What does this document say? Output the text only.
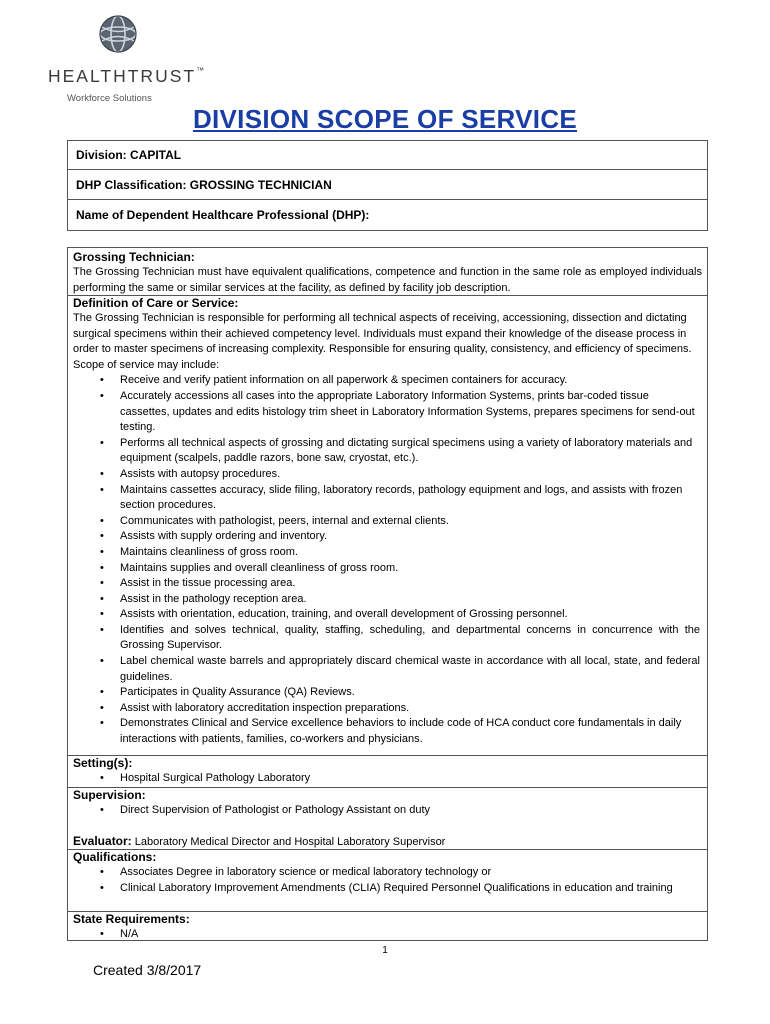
HEALTHTRUST™
Workforce Solutions
DIVISION SCOPE OF SERVICE
Division: CAPITAL
DHP Classification: GROSSING TECHNICIAN
Name of Dependent Healthcare Professional (DHP):
Grossing Technician:
The Grossing Technician must have equivalent qualifications, competence and function in the same role as employed individuals performing the same or similar services at the facility, as defined by facility job description.
Definition of Care or Service:
The Grossing Technician is responsible for performing all technical aspects of receiving, accessioning, dissection and dictating surgical specimens within their achieved competency level. Individuals must expand their knowledge of the disease process in order to master specimens of increasing complexity. Responsible for ensuring quality, consistency, and efficiency of specimens. Scope of service may include:
• Receive and verify patient information on all paperwork & specimen containers for accuracy.
• Accurately accessions all cases into the appropriate Laboratory Information Systems, prints bar-coded tissue cassettes, updates and edits histology trim sheet in Laboratory Information Systems, prepares specimens for send-out testing.
• Performs all technical aspects of grossing and dictating surgical specimens using a variety of laboratory materials and equipment (scalpels, paddle razors, bone saw, cryostat, etc.).
• Assists with autopsy procedures.
• Maintains cassettes accuracy, slide filing, laboratory records, pathology equipment and logs, and assists with frozen section procedures.
• Communicates with pathologist, peers, internal and external clients.
• Assists with supply ordering and inventory.
• Maintains cleanliness of gross room.
• Maintains supplies and overall cleanliness of gross room.
• Assist in the tissue processing area.
• Assist in the pathology reception area.
• Assists with orientation, education, training, and overall development of Grossing personnel.
• Identifies and solves technical, quality, staffing, scheduling, and departmental concerns in concurrence with the Grossing Supervisor.
• Label chemical waste barrels and appropriately discard chemical waste in accordance with all local, state, and federal guidelines.
• Participates in Quality Assurance (QA) Reviews.
• Assist with laboratory accreditation inspection preparations.
• Demonstrates Clinical and Service excellence behaviors to include code of HCA conduct core fundamentals in daily interactions with patients, families, co-workers and physicians.
Setting(s):
• Hospital Surgical Pathology Laboratory
Supervision:
• Direct Supervision of Pathologist or Pathology Assistant on duty
Evaluator: Laboratory Medical Director and Hospital Laboratory Supervisor
Qualifications:
• Associates Degree in laboratory science or medical laboratory technology or
• Clinical Laboratory Improvement Amendments (CLIA) Required Personnel Qualifications in education and training
State Requirements:
• N/A
1
Created 3/8/2017
